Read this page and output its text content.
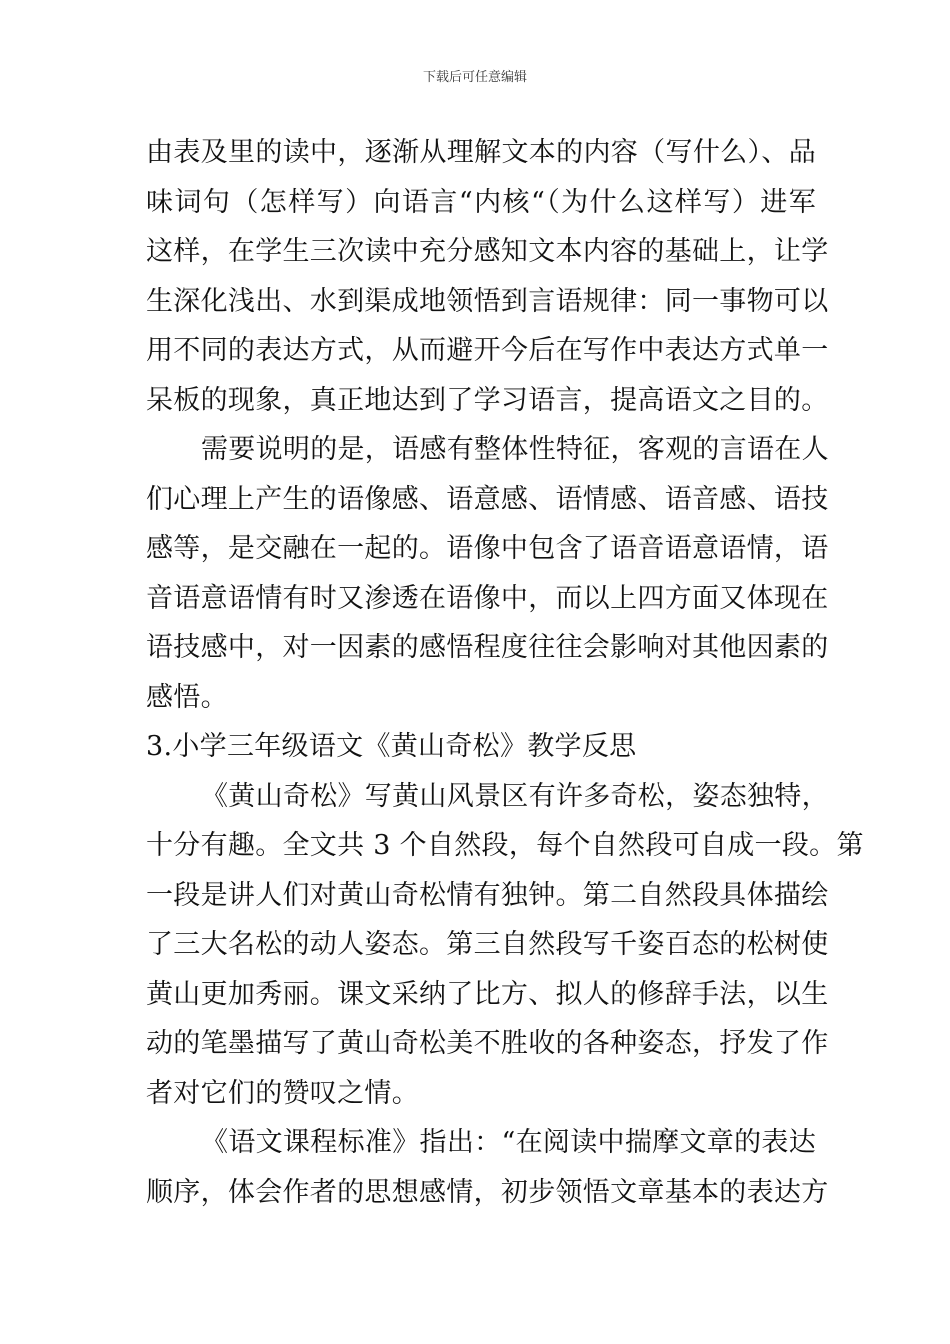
下载后可任意编辑
由表及里的读中，逐渐从理解文本的内容（写什么）、品
味词句（怎样写）向语言“内核“（为什么这样写）进军
这样，在学生三次读中充分感知文本内容的基础上，让学
生深化浅出、水到渠成地领悟到言语规律：同一事物可以
用不同的表达方式，从而避开今后在写作中表达方式单一
呆板的现象，真正地达到了学习语言，提高语文之目的。
需要说明的是，语感有整体性特征，客观的言语在人
们心理上产生的语像感、语意感、语情感、语音感、语技
感等，是交融在一起的。语像中包含了语音语意语情，语
音语意语情有时又渗透在语像中，而以上四方面又体现在
语技感中，对一因素的感悟程度往往会影响对其他因素的
感悟。
3.小学三年级语文《黄山奇松》教学反思
《黄山奇松》写黄山风景区有许多奇松，姿态独特，
十分有趣。全文共 3 个自然段，每个自然段可自成一段。第
一段是讲人们对黄山奇松情有独钟。第二自然段具体描绘
了三大名松的动人姿态。第三自然段写千姿百态的松树使
黄山更加秀丽。课文采纳了比方、拟人的修辞手法，以生
动的笔墨描写了黄山奇松美不胜收的各种姿态，抒发了作
者对它们的赞叹之情。
《语文课程标准》指出：“在阅读中揣摩文章的表达
顺序，体会作者的思想感情，初步领悟文章基本的表达方
